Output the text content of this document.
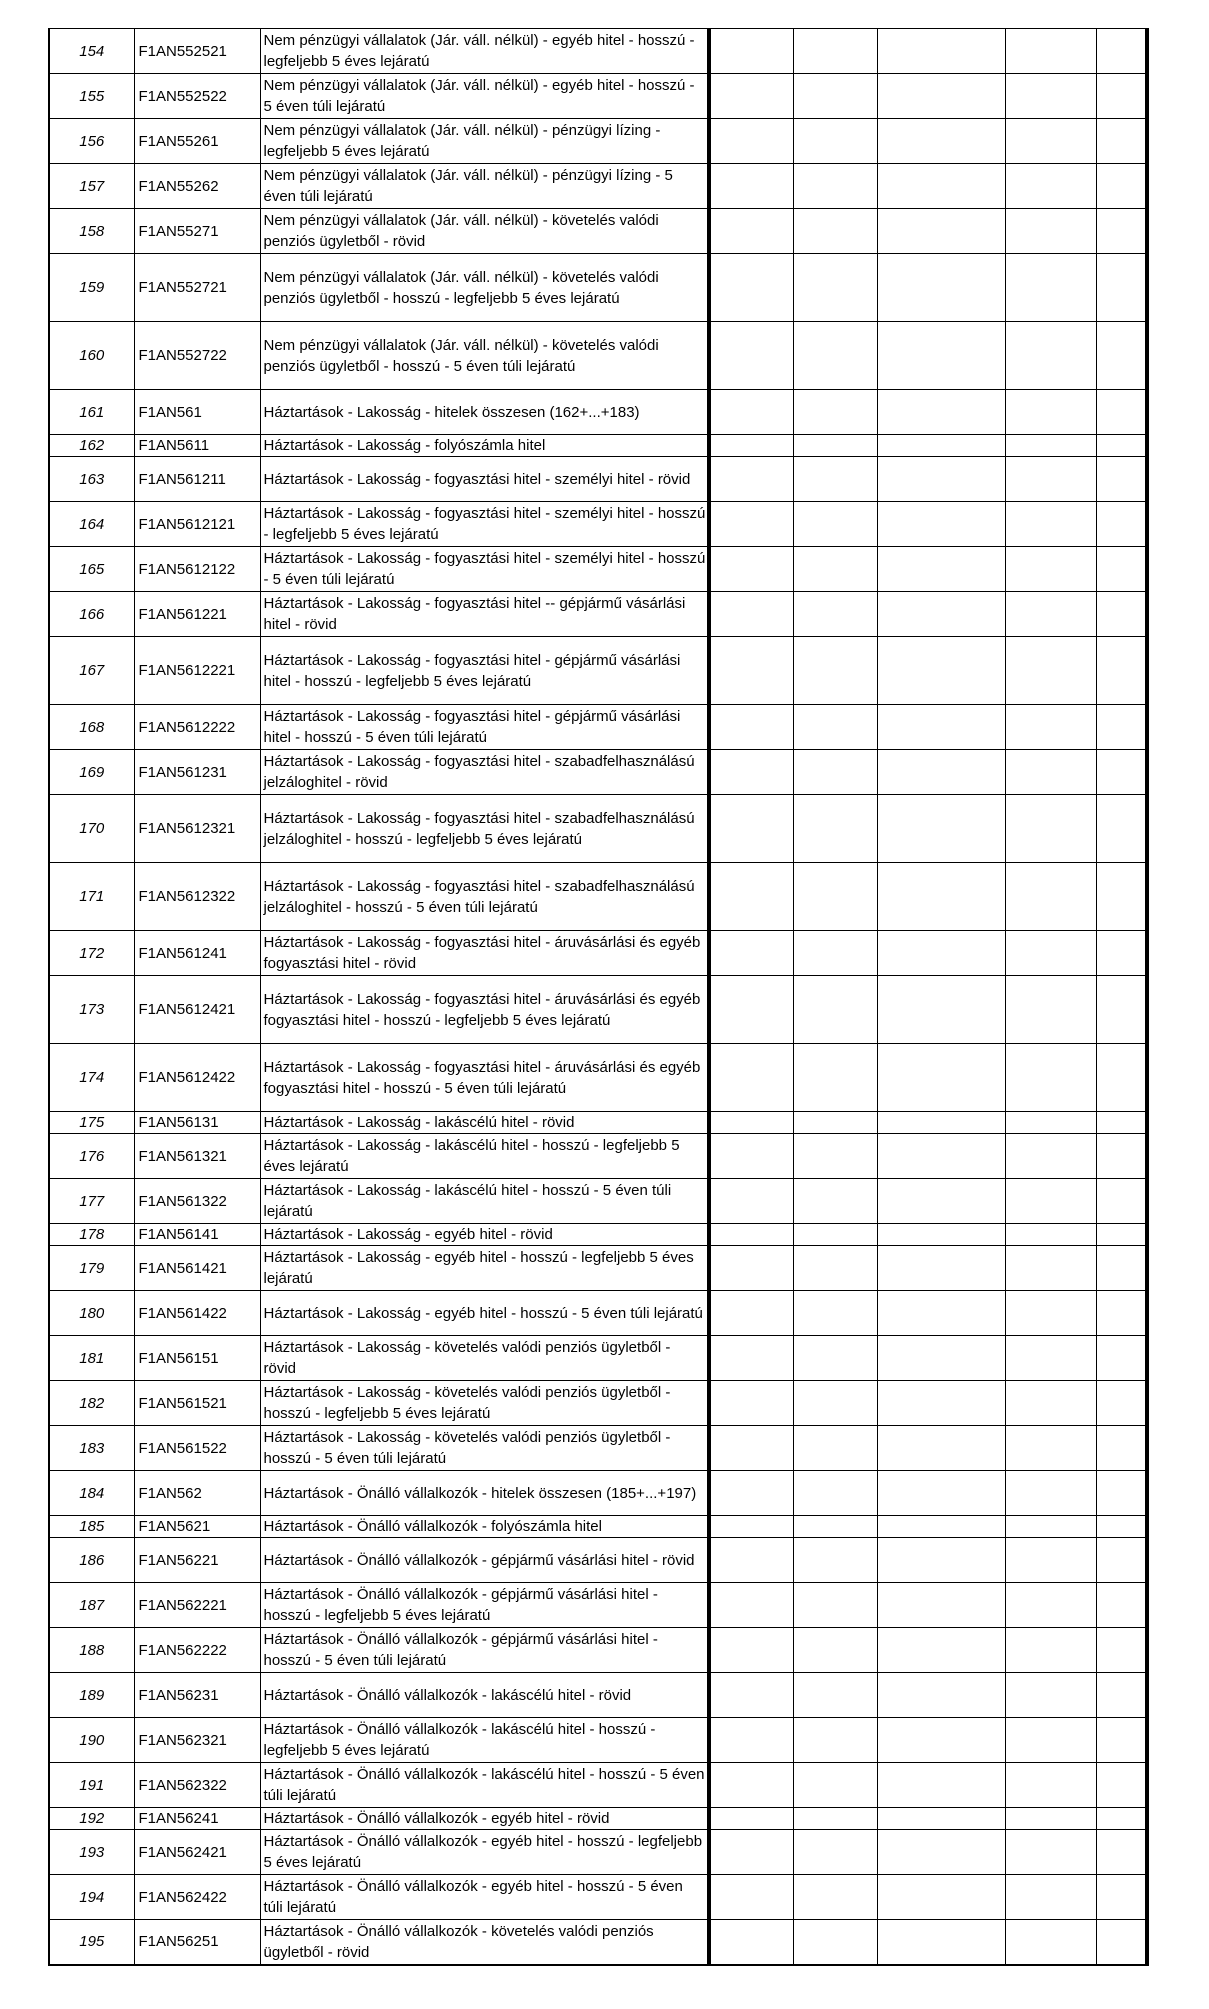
154	F1AN552521	Nem pénzügyi vállalatok (Jár. váll. nélkül) - egyéb hitel - hosszú - legfeljebb 5 éves lejáratú					
155	F1AN552522	Nem pénzügyi vállalatok (Jár. váll. nélkül) - egyéb hitel - hosszú - 5 éven túli lejáratú					
156	F1AN55261	Nem pénzügyi vállalatok (Jár. váll. nélkül) - pénzügyi lízing - legfeljebb 5 éves lejáratú					
157	F1AN55262	Nem pénzügyi vállalatok (Jár. váll. nélkül) - pénzügyi lízing - 5 éven túli lejáratú					
158	F1AN55271	Nem pénzügyi vállalatok (Jár. váll. nélkül) - követelés valódi penziós ügyletből - rövid					
159	F1AN552721	Nem pénzügyi vállalatok (Jár. váll. nélkül) - követelés valódi penziós ügyletből - hosszú - legfeljebb 5 éves lejáratú					
160	F1AN552722	Nem pénzügyi vállalatok (Jár. váll. nélkül) - követelés valódi penziós ügyletből - hosszú - 5 éven túli lejáratú					
161	F1AN561	Háztartások - Lakosság - hitelek összesen (162+...+183)					
162	F1AN5611	Háztartások - Lakosság - folyószámla hitel					
163	F1AN561211	Háztartások - Lakosság - fogyasztási hitel - személyi hitel - rövid					
164	F1AN5612121	Háztartások - Lakosság - fogyasztási hitel - személyi hitel - hosszú - legfeljebb 5 éves lejáratú					
165	F1AN5612122	Háztartások - Lakosság - fogyasztási hitel - személyi hitel - hosszú - 5 éven túli lejáratú					
166	F1AN561221	Háztartások - Lakosság - fogyasztási hitel -- gépjármű vásárlási hitel - rövid					
167	F1AN5612221	Háztartások - Lakosság - fogyasztási hitel - gépjármű vásárlási hitel - hosszú - legfeljebb 5 éves lejáratú					
168	F1AN5612222	Háztartások - Lakosság - fogyasztási hitel - gépjármű vásárlási hitel - hosszú - 5 éven túli lejáratú					
169	F1AN561231	Háztartások - Lakosság - fogyasztási hitel - szabadfelhasználású jelzáloghitel - rövid					
170	F1AN5612321	Háztartások - Lakosság - fogyasztási hitel - szabadfelhasználású jelzáloghitel - hosszú - legfeljebb 5 éves lejáratú					
171	F1AN5612322	Háztartások - Lakosság - fogyasztási hitel - szabadfelhasználású jelzáloghitel - hosszú - 5 éven túli lejáratú					
172	F1AN561241	Háztartások - Lakosság - fogyasztási hitel - áruvásárlási és egyéb fogyasztási hitel - rövid					
173	F1AN5612421	Háztartások - Lakosság - fogyasztási hitel - áruvásárlási és egyéb fogyasztási hitel - hosszú - legfeljebb 5 éves lejáratú					
174	F1AN5612422	Háztartások - Lakosság - fogyasztási hitel - áruvásárlási és egyéb fogyasztási hitel - hosszú - 5 éven túli lejáratú					
175	F1AN56131	Háztartások - Lakosság - lakáscélú hitel - rövid					
176	F1AN561321	Háztartások - Lakosság - lakáscélú hitel - hosszú - legfeljebb 5 éves lejáratú					
177	F1AN561322	Háztartások - Lakosság - lakáscélú hitel - hosszú - 5 éven túli lejáratú					
178	F1AN56141	Háztartások - Lakosság - egyéb hitel - rövid					
179	F1AN561421	Háztartások - Lakosság - egyéb hitel - hosszú - legfeljebb 5 éves lejáratú					
180	F1AN561422	Háztartások - Lakosság - egyéb hitel - hosszú - 5 éven túli lejáratú					
181	F1AN56151	Háztartások - Lakosság - követelés valódi penziós ügyletből - rövid					
182	F1AN561521	Háztartások - Lakosság - követelés valódi penziós ügyletből - hosszú - legfeljebb 5 éves lejáratú					
183	F1AN561522	Háztartások - Lakosság - követelés valódi penziós ügyletből - hosszú - 5 éven túli lejáratú					
184	F1AN562	Háztartások - Önálló vállalkozók - hitelek összesen (185+...+197)					
185	F1AN5621	Háztartások - Önálló vállalkozók - folyószámla hitel					
186	F1AN56221	Háztartások - Önálló vállalkozók - gépjármű vásárlási hitel - rövid					
187	F1AN562221	Háztartások - Önálló vállalkozók - gépjármű vásárlási hitel - hosszú - legfeljebb 5 éves lejáratú					
188	F1AN562222	Háztartások - Önálló vállalkozók - gépjármű vásárlási hitel - hosszú - 5 éven túli lejáratú					
189	F1AN56231	Háztartások - Önálló vállalkozók - lakáscélú hitel - rövid					
190	F1AN562321	Háztartások - Önálló vállalkozók - lakáscélú hitel - hosszú - legfeljebb 5 éves lejáratú					
191	F1AN562322	Háztartások - Önálló vállalkozók - lakáscélú hitel - hosszú - 5 éven túli lejáratú					
192	F1AN56241	Háztartások - Önálló vállalkozók - egyéb hitel - rövid					
193	F1AN562421	Háztartások - Önálló vállalkozók - egyéb hitel - hosszú - legfeljebb 5 éves lejáratú					
194	F1AN562422	Háztartások - Önálló vállalkozók - egyéb hitel - hosszú - 5 éven túli lejáratú					
195	F1AN56251	Háztartások - Önálló vállalkozók - követelés valódi penziós ügyletből - rövid					
